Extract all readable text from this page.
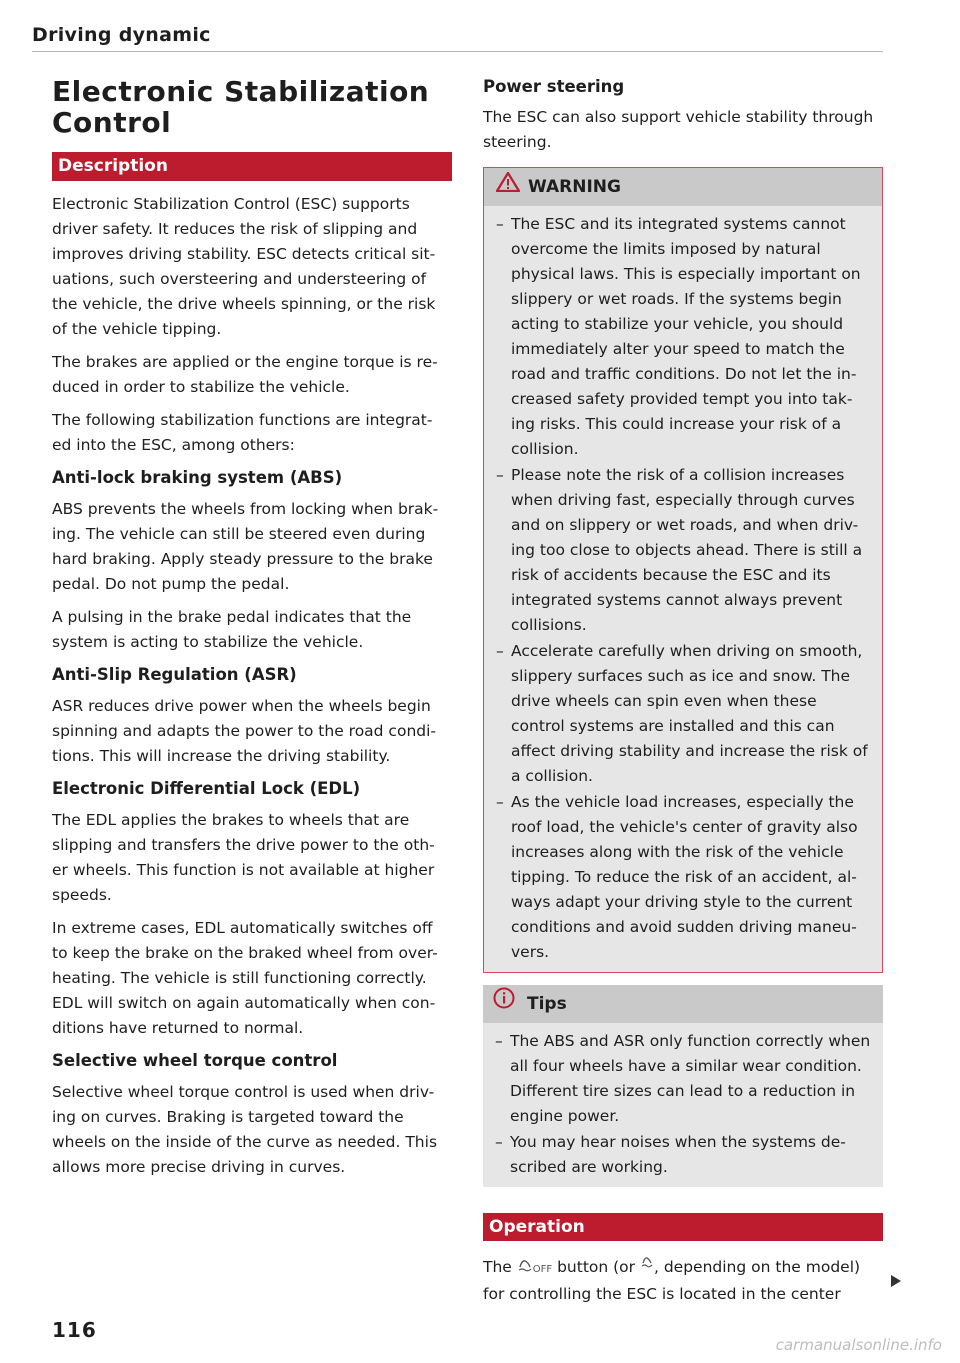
Driving dynamic
Electronic Stabilization
Control
Description

Electronic Stabilization Control (ESC) supports driver safety. It reduces the risk of slipping and improves driving stability. ESC detects critical sit- uations, such oversteering and understeering of the vehicle, the drive wheels spinning, or the risk of the vehicle tipping.

The brakes are applied or the engine torque is re- duced in order to stabilize the vehicle.

The following stabilization functions are integrat- ed into the ESC, among others:

Anti-lock braking system (ABS)

ABS prevents the wheels from locking when brak- ing. The vehicle can still be steered even during hard braking. Apply steady pressure to the brake pedal. Do not pump the pedal.

A pulsing in the brake pedal indicates that the system is acting to stabilize the vehicle.

Anti-Slip Regulation (ASR)

ASR reduces drive power when the wheels begin spinning and adapts the power to the road condi- tions. This will increase the driving stability.

Electronic Differential Lock (EDL)

The EDL applies the brakes to wheels that are slipping and transfers the drive power to the oth- er wheels. This function is not available at higher speeds.

In extreme cases, EDL automatically switches off to keep the brake on the braked wheel from over- heating. The vehicle is still functioning correctly. EDL will switch on again automatically when con- ditions have returned to normal.

Selective wheel torque control

Selective wheel torque control is used when driv- ing on curves. Braking is targeted toward the wheels on the inside of the curve as needed. This allows more precise driving in curves.

Power steering

The ESC can also support vehicle stability through steering.

WARNING
– The ESC and its integrated systems cannot overcome the limits imposed by natural physical laws. This is especially important on slippery or wet roads. If the systems begin acting to stabilize your vehicle, you should immediately alter your speed to match the road and traffic conditions. Do not let the in- creased safety provided tempt you into tak- ing risks. This could increase your risk of a collision.
– Please note the risk of a collision increases when driving fast, especially through curves and on slippery or wet roads, and when driv- ing too close to objects ahead. There is still a risk of accidents because the ESC and its integrated systems cannot always prevent collisions.
– Accelerate carefully when driving on smooth, slippery surfaces such as ice and snow. The drive wheels can spin even when these control systems are installed and this can affect driving stability and increase the risk of a collision.
– As the vehicle load increases, especially the roof load, the vehicle's center of gravity also increases along with the risk of the vehicle tipping. To reduce the risk of an accident, al- ways adapt your driving style to the current conditions and avoid sudden driving maneu- vers.
Tips
– The ABS and ASR only function correctly when all four wheels have a similar wear condition. Different tire sizes can lead to a reduction in engine power.
– You may hear noises when the systems de- scribed are working.
Operation

The OFF button (or , depending on the model) for controlling the ESC is located in the center

116
carmanualsonline.info
